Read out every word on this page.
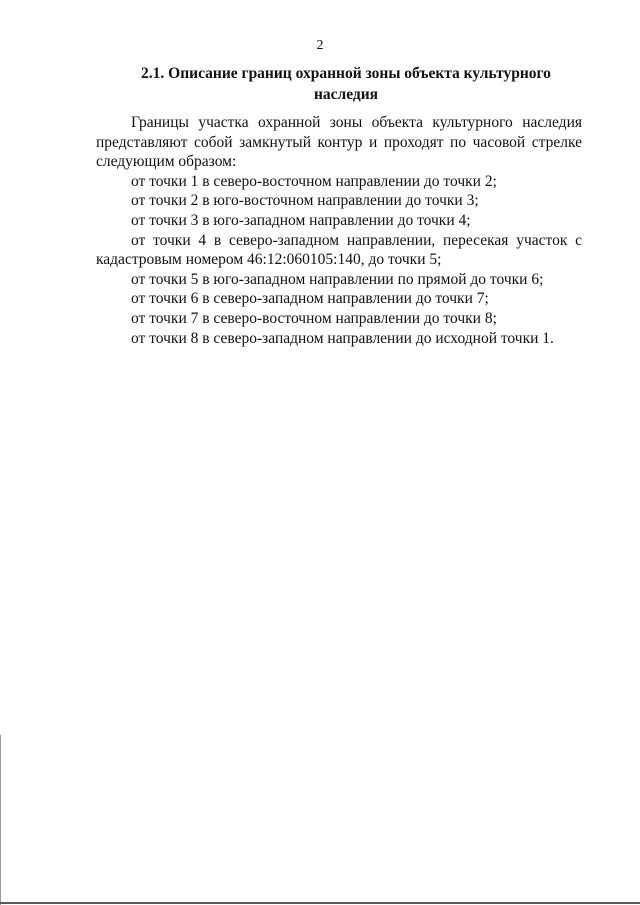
2
2.1. Описание границ охранной зоны объекта культурного
наследия

Границы участка охранной зоны объекта культурного наследия представляют собой замкнутый контур и проходят по часовой стрелке следующим образом:

от точки 1 в северо-восточном направлении до точки 2;

от точки 2 в юго-восточном направлении до точки 3;

от точки 3 в юго-западном направлении до точки 4;

от точки 4 в северо-западном направлении, пересекая участок с кадастровым номером 46:12:060105:140, до точки 5;

от точки 5 в юго-западном направлении по прямой до точки 6;

от точки 6 в северо-западном направлении до точки 7;

от точки 7 в северо-восточном направлении до точки 8;

от точки 8 в северо-западном направлении до исходной точки 1.
